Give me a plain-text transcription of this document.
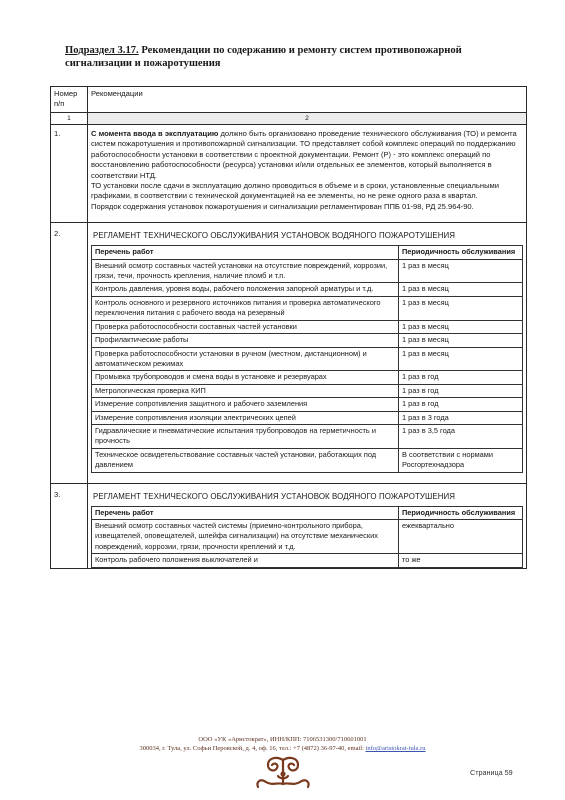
Подраздел 3.17. Рекомендации по содержанию и ремонту систем противопожарной сигнализации и пожаротушения
Номер п/п	Рекомендации
1	2
1.	С момента ввода в эксплуатацию должно быть организовано проведение технического обслуживания (ТО) и ремонта систем пожаротушения и противопожарной сигнализации. ТО представляет собой комплекс операций по поддержанию работоспособности установки в соответствии с проектной документации. Ремонт (Р) - это комплекс операций по восстановлению работоспособности (ресурса) установки и/или отдельных ее элементов, который выполняется в соответствии НТД.

ТО установки после сдачи в эксплуатацию должно проводиться в объеме и в сроки, установленные специальными графиками, в соответствии с технической документацией на ее элементы, но не реже одного раза в квартал.

Порядок содержания установок пожаротушения и сигнализации регламентирован ППБ 01-98, РД 25.964-90.

2.	РЕГЛАМЕНТ ТЕХНИЧЕСКОГО ОБСЛУЖИВАНИЯ УСТАНОВОК ВОДЯНОГО ПОЖАРОТУШЕНИЯ
Перечень работ	Периодичность обслуживания
Внешний осмотр составных частей установки на отсутствие повреждений, коррозии, грязи, течи, прочность крепления, наличие пломб и т.п.	1 раз в месяц
Контроль давления, уровня воды, рабочего положения запорной арматуры и т.д.	1 раз в месяц
Контроль основного и резервного источников питания и проверка автоматического переключения питания с рабочего ввода на резервный	1 раз в месяц
Проверка работоспособности составных частей установки	1 раз в месяц
Профилактические работы	1 раз в месяц
Проверка работоспособности установки в ручном (местном, дистанционном) и автоматическом режимах	1 раз в месяц
Промывка трубопроводов и смена воды в установке и резервуарах	1 раз в год
Метрологическая проверка КИП	1 раз в год
Измерение сопротивления защитного и рабочего заземления	1 раз в год
Измерение сопротивления изоляции электрических цепей	1 раз в 3 года
Гидравлические и пневматические испытания трубопроводов на герметичность и прочность	1 раз в 3,5 года
Техническое освидетельствование составных частей установки, работающих под давлением	В соответствии с нормами Росгортехнадзора

3.	РЕГЛАМЕНТ ТЕХНИЧЕСКОГО ОБСЛУЖИВАНИЯ УСТАНОВОК ВОДЯНОГО ПОЖАРОТУШЕНИЯ
Перечень работ	Периодичность обслуживания
Внешний осмотр составных частей системы (приемно-контрольного прибора, извещателей, оповещателей, шлейфа сигнализации) на отсутствие механических повреждений, коррозии, грязи, прочности креплений и т.д.	ежеквартально
Контроль рабочего положения выключателей и	то же
ООО «УК «Аристократ», ИНН/КПП: 7106531300/710601001
300034, г. Тула, ул. Софьи Перовской, д. 4, оф. 16, тел.: +7 (4872) 36-97-40, email: info@aristokrat-tula.ru
Страница 59
